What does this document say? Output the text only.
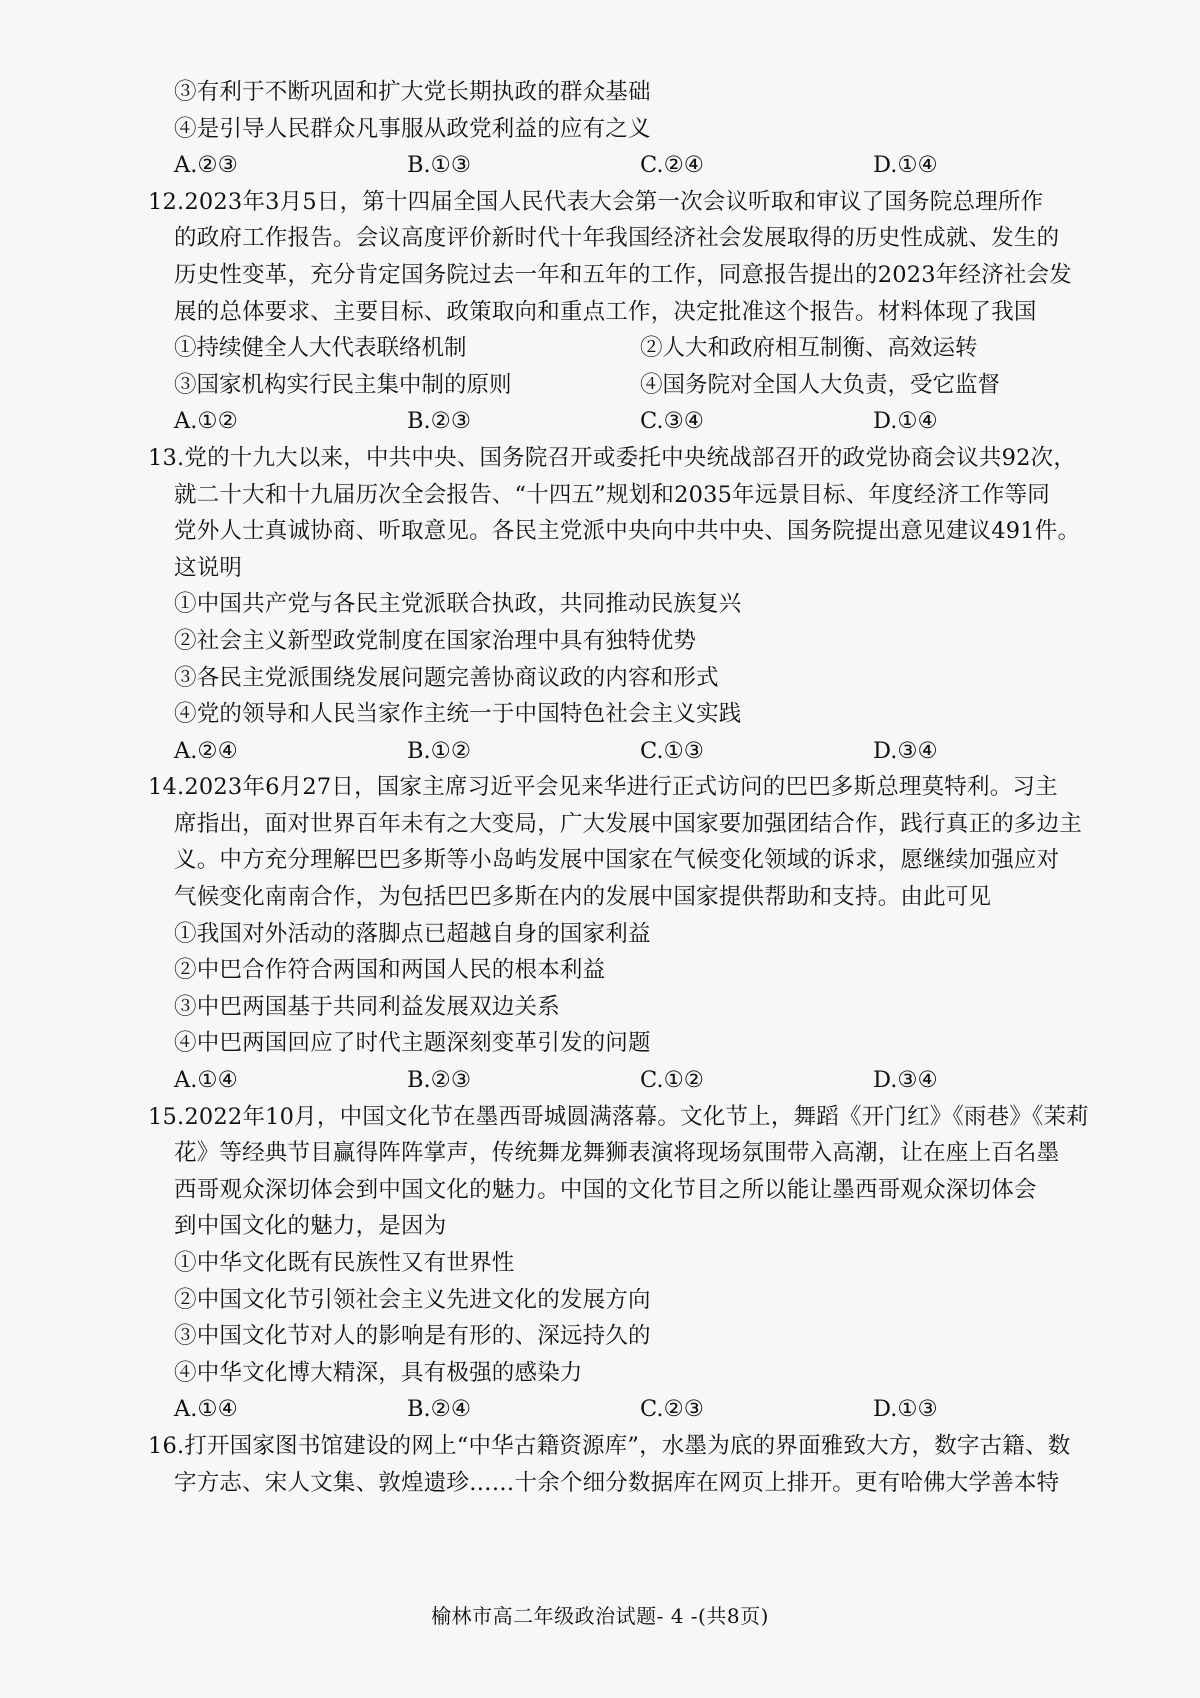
③有利于不断巩固和扩大党长期执政的群众基础
④是引导人民群众凡事服从政党利益的应有之义
A.②③	B.①③	C.②④	D.①④
12.2023年3月5日，第十四届全国人民代表大会第一次会议听取和审议了国务院总理所作
的政府工作报告。会议高度评价新时代十年我国经济社会发展取得的历史性成就、发生的
历史性变革，充分肯定国务院过去一年和五年的工作，同意报告提出的2023年经济社会发
展的总体要求、主要目标、政策取向和重点工作，决定批准这个报告。材料体现了我国
①持续健全人大代表联络机制	②人大和政府相互制衡、高效运转
③国家机构实行民主集中制的原则	④国务院对全国人大负责，受它监督
A.①②	B.②③	C.③④	D.①④
13.党的十九大以来，中共中央、国务院召开或委托中央统战部召开的政党协商会议共92次，
就二十大和十九届历次全会报告、“十四五”规划和2035年远景目标、年度经济工作等同
党外人士真诚协商、听取意见。各民主党派中央向中共中央、国务院提出意见建议491件。
这说明
①中国共产党与各民主党派联合执政，共同推动民族复兴
②社会主义新型政党制度在国家治理中具有独特优势
③各民主党派围绕发展问题完善协商议政的内容和形式
④党的领导和人民当家作主统一于中国特色社会主义实践
A.②④	B.①②	C.①③	D.③④
14.2023年6月27日，国家主席习近平会见来华进行正式访问的巴巴多斯总理莫特利。习主
席指出，面对世界百年未有之大变局，广大发展中国家要加强团结合作，践行真正的多边主
义。中方充分理解巴巴多斯等小岛屿发展中国家在气候变化领域的诉求，愿继续加强应对
气候变化南南合作，为包括巴巴多斯在内的发展中国家提供帮助和支持。由此可见
①我国对外活动的落脚点已超越自身的国家利益
②中巴合作符合两国和两国人民的根本利益
③中巴两国基于共同利益发展双边关系
④中巴两国回应了时代主题深刻变革引发的问题
A.①④	B.②③	C.①②	D.③④
15.2022年10月，中国文化节在墨西哥城圆满落幕。文化节上，舞蹈《开门红》《雨巷》《茉莉
花》等经典节目赢得阵阵掌声，传统舞龙舞狮表演将现场氛围带入高潮，让在座上百名墨
西哥观众深切体会到中国文化的魅力。中国的文化节目之所以能让墨西哥观众深切体会
到中国文化的魅力，是因为
①中华文化既有民族性又有世界性
②中国文化节引领社会主义先进文化的发展方向
③中国文化节对人的影响是有形的、深远持久的
④中华文化博大精深，具有极强的感染力
A.①④	B.②④	C.②③	D.①③
16.打开国家图书馆建设的网上“中华古籍资源库”，水墨为底的界面雅致大方，数字古籍、数
字方志、宋人文集、敦煌遗珍……十余个细分数据库在网页上排开。更有哈佛大学善本特
榆林市高二年级政治试题- 4 -(共8页)
